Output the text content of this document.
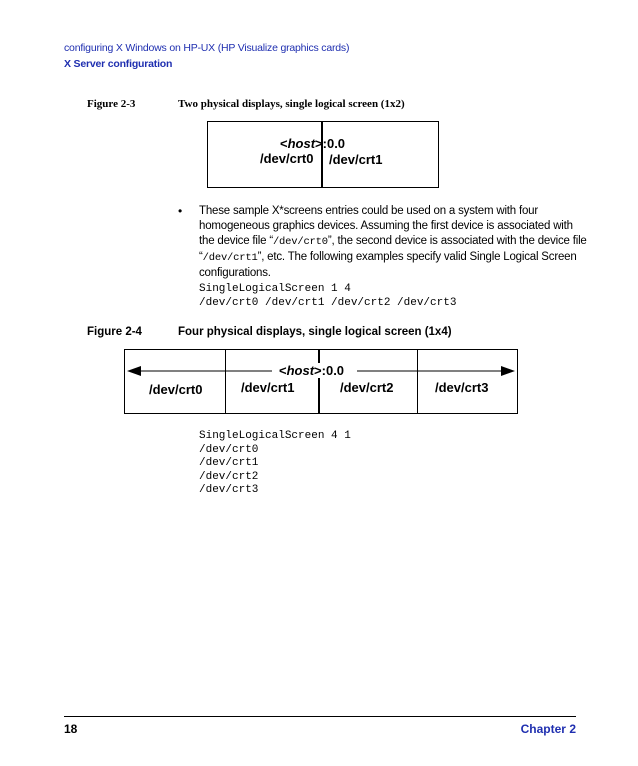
configuring X Windows on HP-UX (HP Visualize graphics cards)
X Server configuration
Figure 2-3	Two physical displays, single logical screen (1x2)
<host>:0.0
/dev/crt0 /dev/crt1
• These sample X*screens entries could be used on a system with four homogeneous graphics devices. Assuming the first device is associated with the device file “/dev/crt0”, the second device is associated with the device file “/dev/crt1”, etc. The following examples specify valid Single Logical Screen configurations.
SingleLogicalScreen 1 4
/dev/crt0 /dev/crt1 /dev/crt2 /dev/crt3
Figure 2-4	Four physical displays, single logical screen (1x4)
<host>:0.0
/dev/crt0	/dev/crt1	/dev/crt2	/dev/crt3
SingleLogicalScreen 4 1
/dev/crt0
/dev/crt1
/dev/crt2
/dev/crt3
18	Chapter 2
